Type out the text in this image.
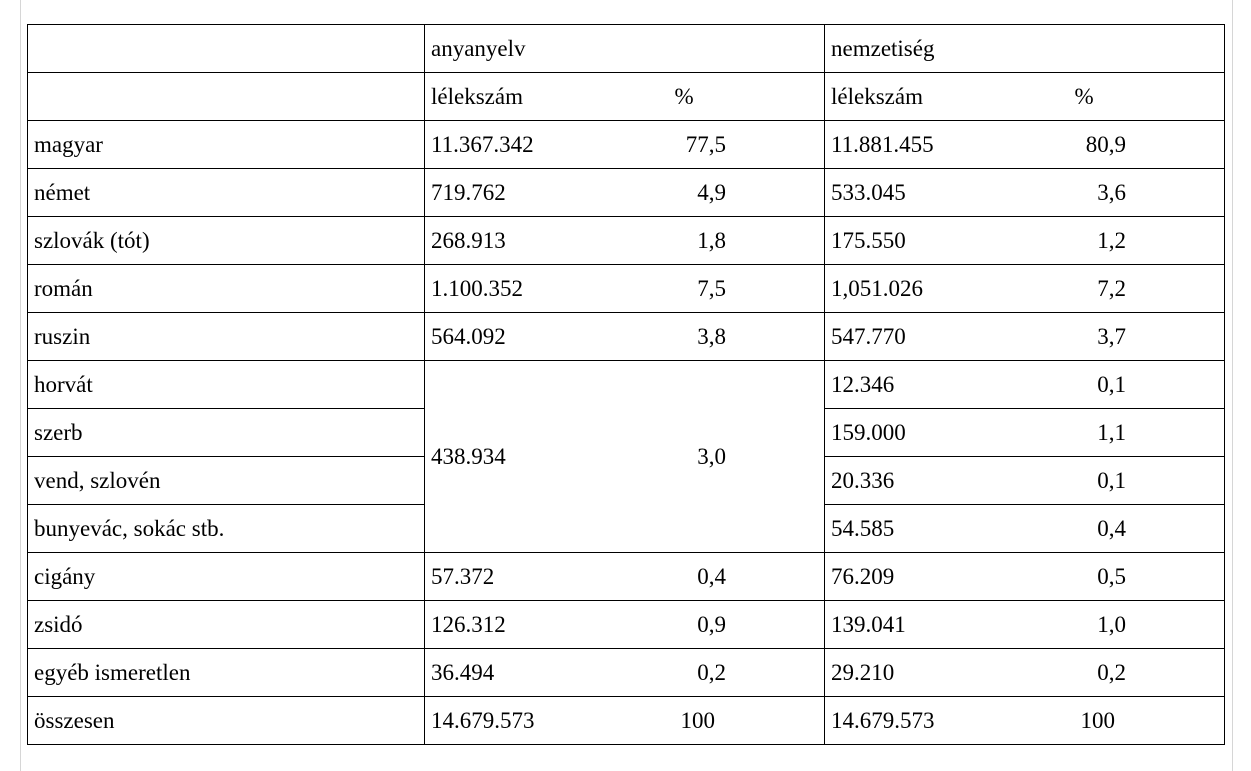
	anyanyelv		nemzetiség	
	lélekszám	%	lélekszám	%
magyar	11.367.342	77,5	11.881.455	80,9
német	719.762	4,9	533.045	3,6
szlovák (tót)	268.913	1,8	175.550	1,2
román	1.100.352	7,5	1,051.026	7,2
ruszin	564.092	3,8	547.770	3,7
horvát	438.934	3,0	12.346	0,1
szerb			159.000	1,1
vend, szlovén			20.336	0,1
bunyevác, sokác stb.			54.585	0,4
cigány	57.372	0,4	76.209	0,5
zsidó	126.312	0,9	139.041	1,0
egyéb ismeretlen	36.494	0,2	29.210	0,2
összesen	14.679.573	100	14.679.573	100
